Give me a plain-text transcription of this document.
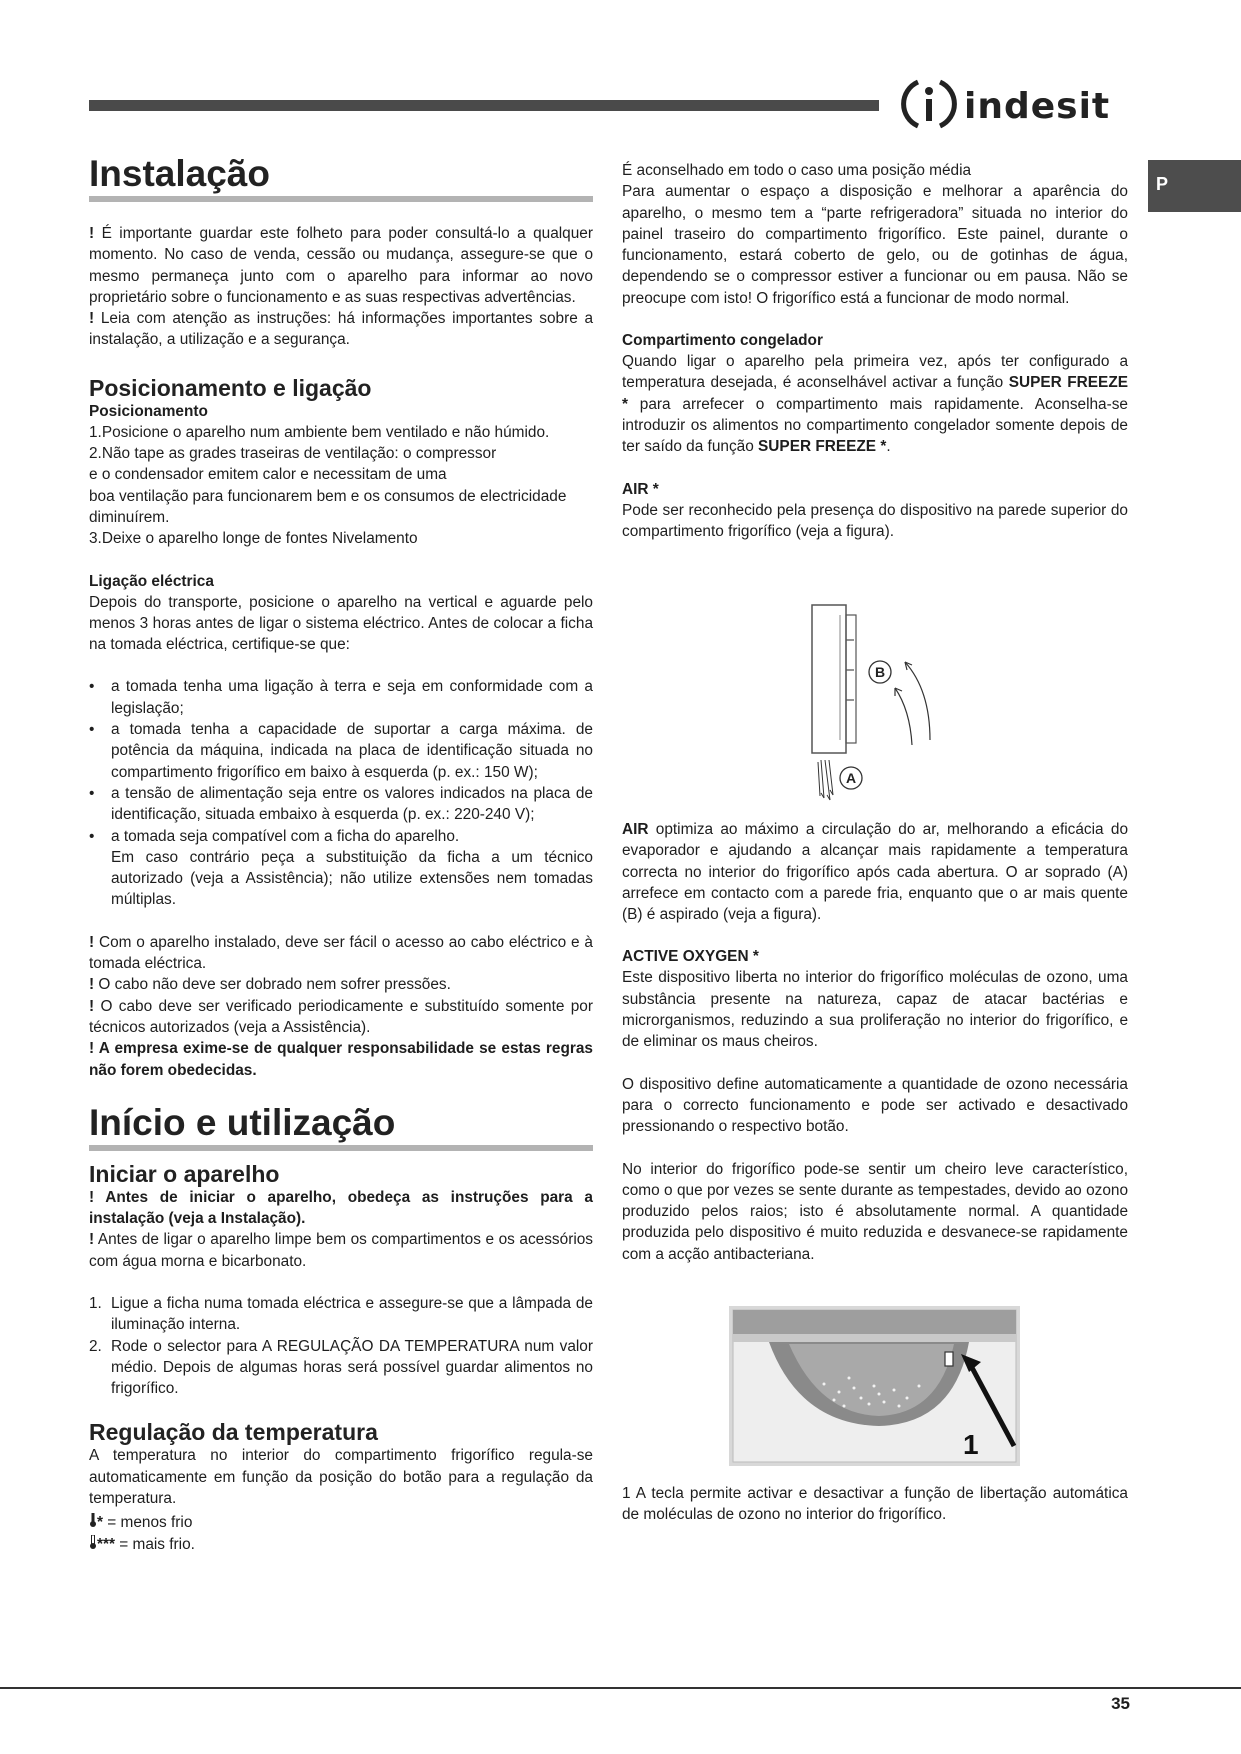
indesit
P
Instalação

! É importante guardar este folheto para poder consultá-lo a qualquer momento. No caso de venda, cessão ou mudança, assegure-se que o mesmo permaneça junto com o aparelho para informar ao novo proprietário sobre o funcionamento e as suas respectivas advertências.

! Leia com atenção as instruções: há informações importantes sobre a instalação, a utilização e a segurança.

Posicionamento e ligação
Posicionamento

1.Posicione o aparelho num ambiente bem ventilado e não húmido.

2.Não tape as grades traseiras de ventilação: o compressor

e o condensador emitem calor e necessitam de uma

boa ventilação para funcionarem bem e os consumos de electricidade diminuírem.

3.Deixe o aparelho longe de fontes Nivelamento

Ligação eléctrica

Depois do transporte, posicione o aparelho na vertical e aguarde pelo menos 3 horas antes de ligar o sistema eléctrico. Antes de colocar a ficha na tomada eléctrica, certifique-se que:

• a tomada tenha uma ligação à terra e seja em conformidade com a legislação;
• a tomada tenha a capacidade de suportar a carga máxima. de potência da máquina, indicada na placa de identificação situada no compartimento frigorífico em baixo à esquerda (p. ex.: 150 W);
• a tensão de alimentação seja entre os valores indicados na placa de identificação, situada embaixo à esquerda (p. ex.: 220-240 V);
• a tomada seja compatível com a ficha do aparelho.

Em caso contrário peça a substituição da ficha a um técnico autorizado (veja a Assistência); não utilize extensões nem tomadas múltiplas.

! Com o aparelho instalado, deve ser fácil o acesso ao cabo eléctrico e à tomada eléctrica.

! O cabo não deve ser dobrado nem sofrer pressões.

! O cabo deve ser verificado periodicamente e substituído somente por técnicos autorizados (veja a Assistência).

! A empresa exime-se de qualquer responsabilidade se estas regras não forem obedecidas.

Início e utilização
Iniciar o aparelho

! Antes de iniciar o aparelho, obedeça as instruções para a instalação (veja a Instalação).

! Antes de ligar o aparelho limpe bem os compartimentos e os acessórios com água morna e bicarbonato.

1. Ligue a ficha numa tomada eléctrica e assegure-se que a lâmpada de iluminação interna.
2. Rode o selector para A REGULAÇÃO DA TEMPERATURA num valor médio. Depois de algumas horas será possível guardar alimentos no frigorífico.
Regulação da temperatura

A temperatura no interior do compartimento frigorífico regula-se automaticamente em função da posição do botão para a regulação da temperatura.

* = menos frio

*** = mais frio.

É aconselhado em todo o caso uma posição média

Para aumentar o espaço a disposição e melhorar a aparência do aparelho, o mesmo tem a “parte refrigeradora” situada no interior do painel traseiro do compartimento frigorífico. Este painel, durante o funcionamento, estará coberto de gelo, ou de gotinhas de água, dependendo se o compressor estiver a funcionar ou em pausa. Não se preocupe com isto! O frigorífico está a funcionar de modo normal.

Compartimento congelador

Quando ligar o aparelho pela primeira vez, após ter configurado a temperatura desejada, é aconselhável activar a função SUPER FREEZE * para arrefecer o compartimento mais rapidamente. Aconselha-se introduzir os alimentos no compartimento congelador somente depois de ter saído da função SUPER FREEZE *.

AIR *

Pode ser reconhecido pela presença do dispositivo na parede superior do compartimento frigorífico (veja a figura).

B
A

AIR optimiza ao máximo a circulação do ar, melhorando a eficácia do evaporador e ajudando a alcançar mais rapidamente a temperatura correcta no interior do frigorífico após cada abertura. O ar soprado (A) arrefece em contacto com a parede fria, enquanto que o ar mais quente (B) é aspirado (veja a figura).

ACTIVE OXYGEN *

Este dispositivo liberta no interior do frigorífico moléculas de ozono, uma substância presente na natureza, capaz de atacar bactérias e microrganismos, reduzindo a sua proliferação no interior do frigorífico, e de eliminar os maus cheiros.

O dispositivo define automaticamente a quantidade de ozono necessária para o correcto funcionamento e pode ser activado e desactivado pressionando o respectivo botão.

No interior do frigorífico pode-se sentir um cheiro leve característico, como o que por vezes se sente durante as tempestades, devido ao ozono produzido pelos raios; isto é absolutamente normal. A quantidade produzida pelo dispositivo é muito reduzida e desvanece-se rapidamente com a acção antibacteriana.

1

1 A tecla permite activar e desactivar a função de libertação automática de moléculas de ozono no interior do frigorífico.

35
